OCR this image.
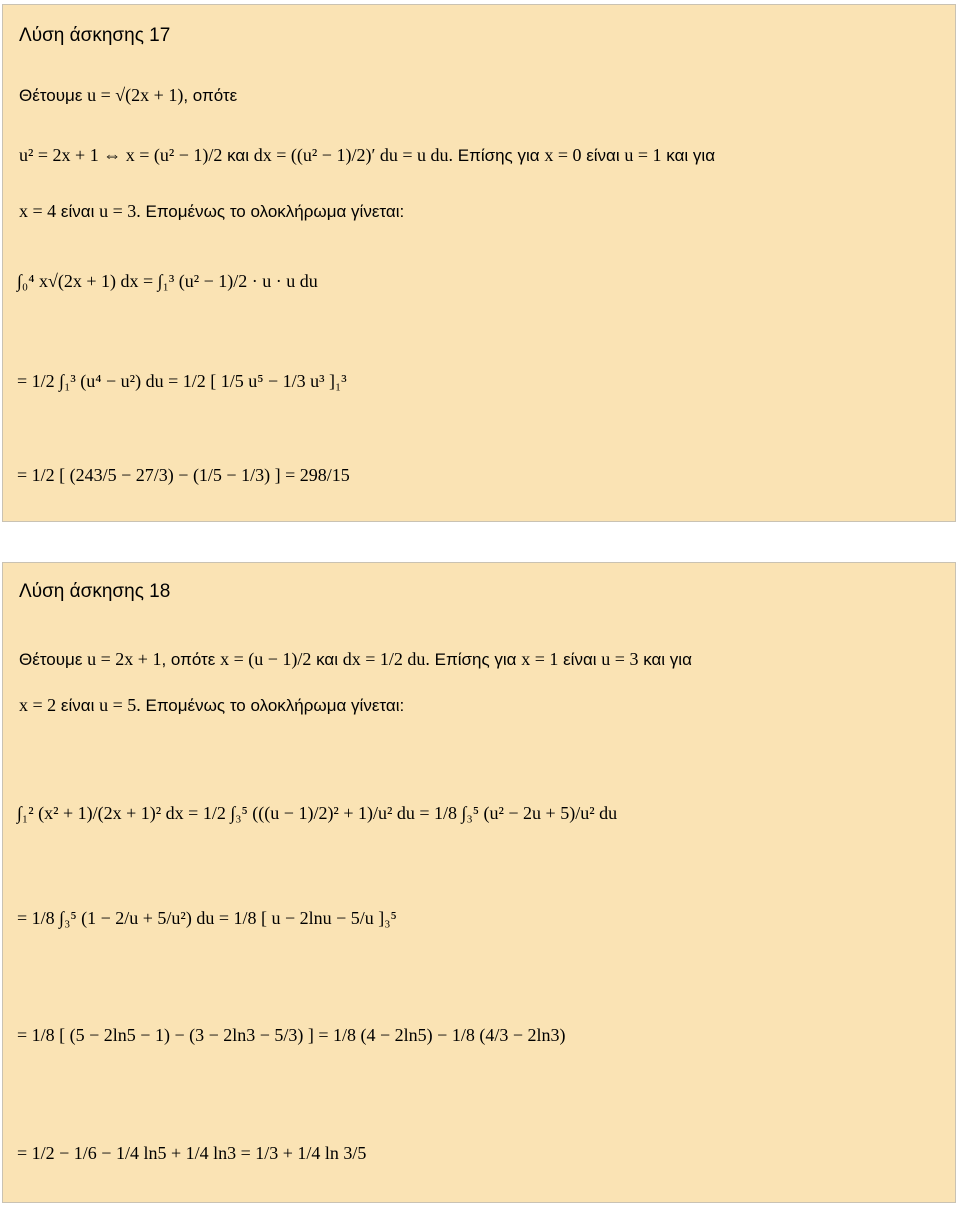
Λύση άσκησης 17
Θέτουμε u = √(2x + 1), οπότε
u² = 2x + 1 ⇔ x = (u² − 1)/2 και dx = ((u² − 1)/2)′ du = u du. Επίσης για x = 0 είναι u = 1 και για
x = 4 είναι u = 3. Επομένως το ολοκλήρωμα γίνεται:
∫₀⁴ x√(2x + 1) dx = ∫₁³ (u² − 1)/2 · u · u du
= 1/2 ∫₁³ (u⁴ − u²) du = 1/2 [ 1/5 u⁵ − 1/3 u³ ]₁³
= 1/2 [ (243/5 − 27/3) − (1/5 − 1/3) ] = 298/15
Λύση άσκησης 18
Θέτουμε u = 2x + 1, οπότε x = (u − 1)/2 και dx = 1/2 du. Επίσης για x = 1 είναι u = 3 και για
x = 2 είναι u = 5. Επομένως το ολοκλήρωμα γίνεται:
∫₁² (x² + 1)/(2x + 1)² dx = 1/2 ∫₃⁵ (((u − 1)/2)² + 1)/u² du = 1/8 ∫₃⁵ (u² − 2u + 5)/u² du
= 1/8 ∫₃⁵ (1 − 2/u + 5/u²) du = 1/8 [ u − 2lnu − 5/u ]₃⁵
= 1/8 [ (5 − 2ln5 − 1) − (3 − 2ln3 − 5/3) ] = 1/8 (4 − 2ln5) − 1/8 (4/3 − 2ln3)
= 1/2 − 1/6 − 1/4 ln5 + 1/4 ln3 = 1/3 + 1/4 ln 3/5
